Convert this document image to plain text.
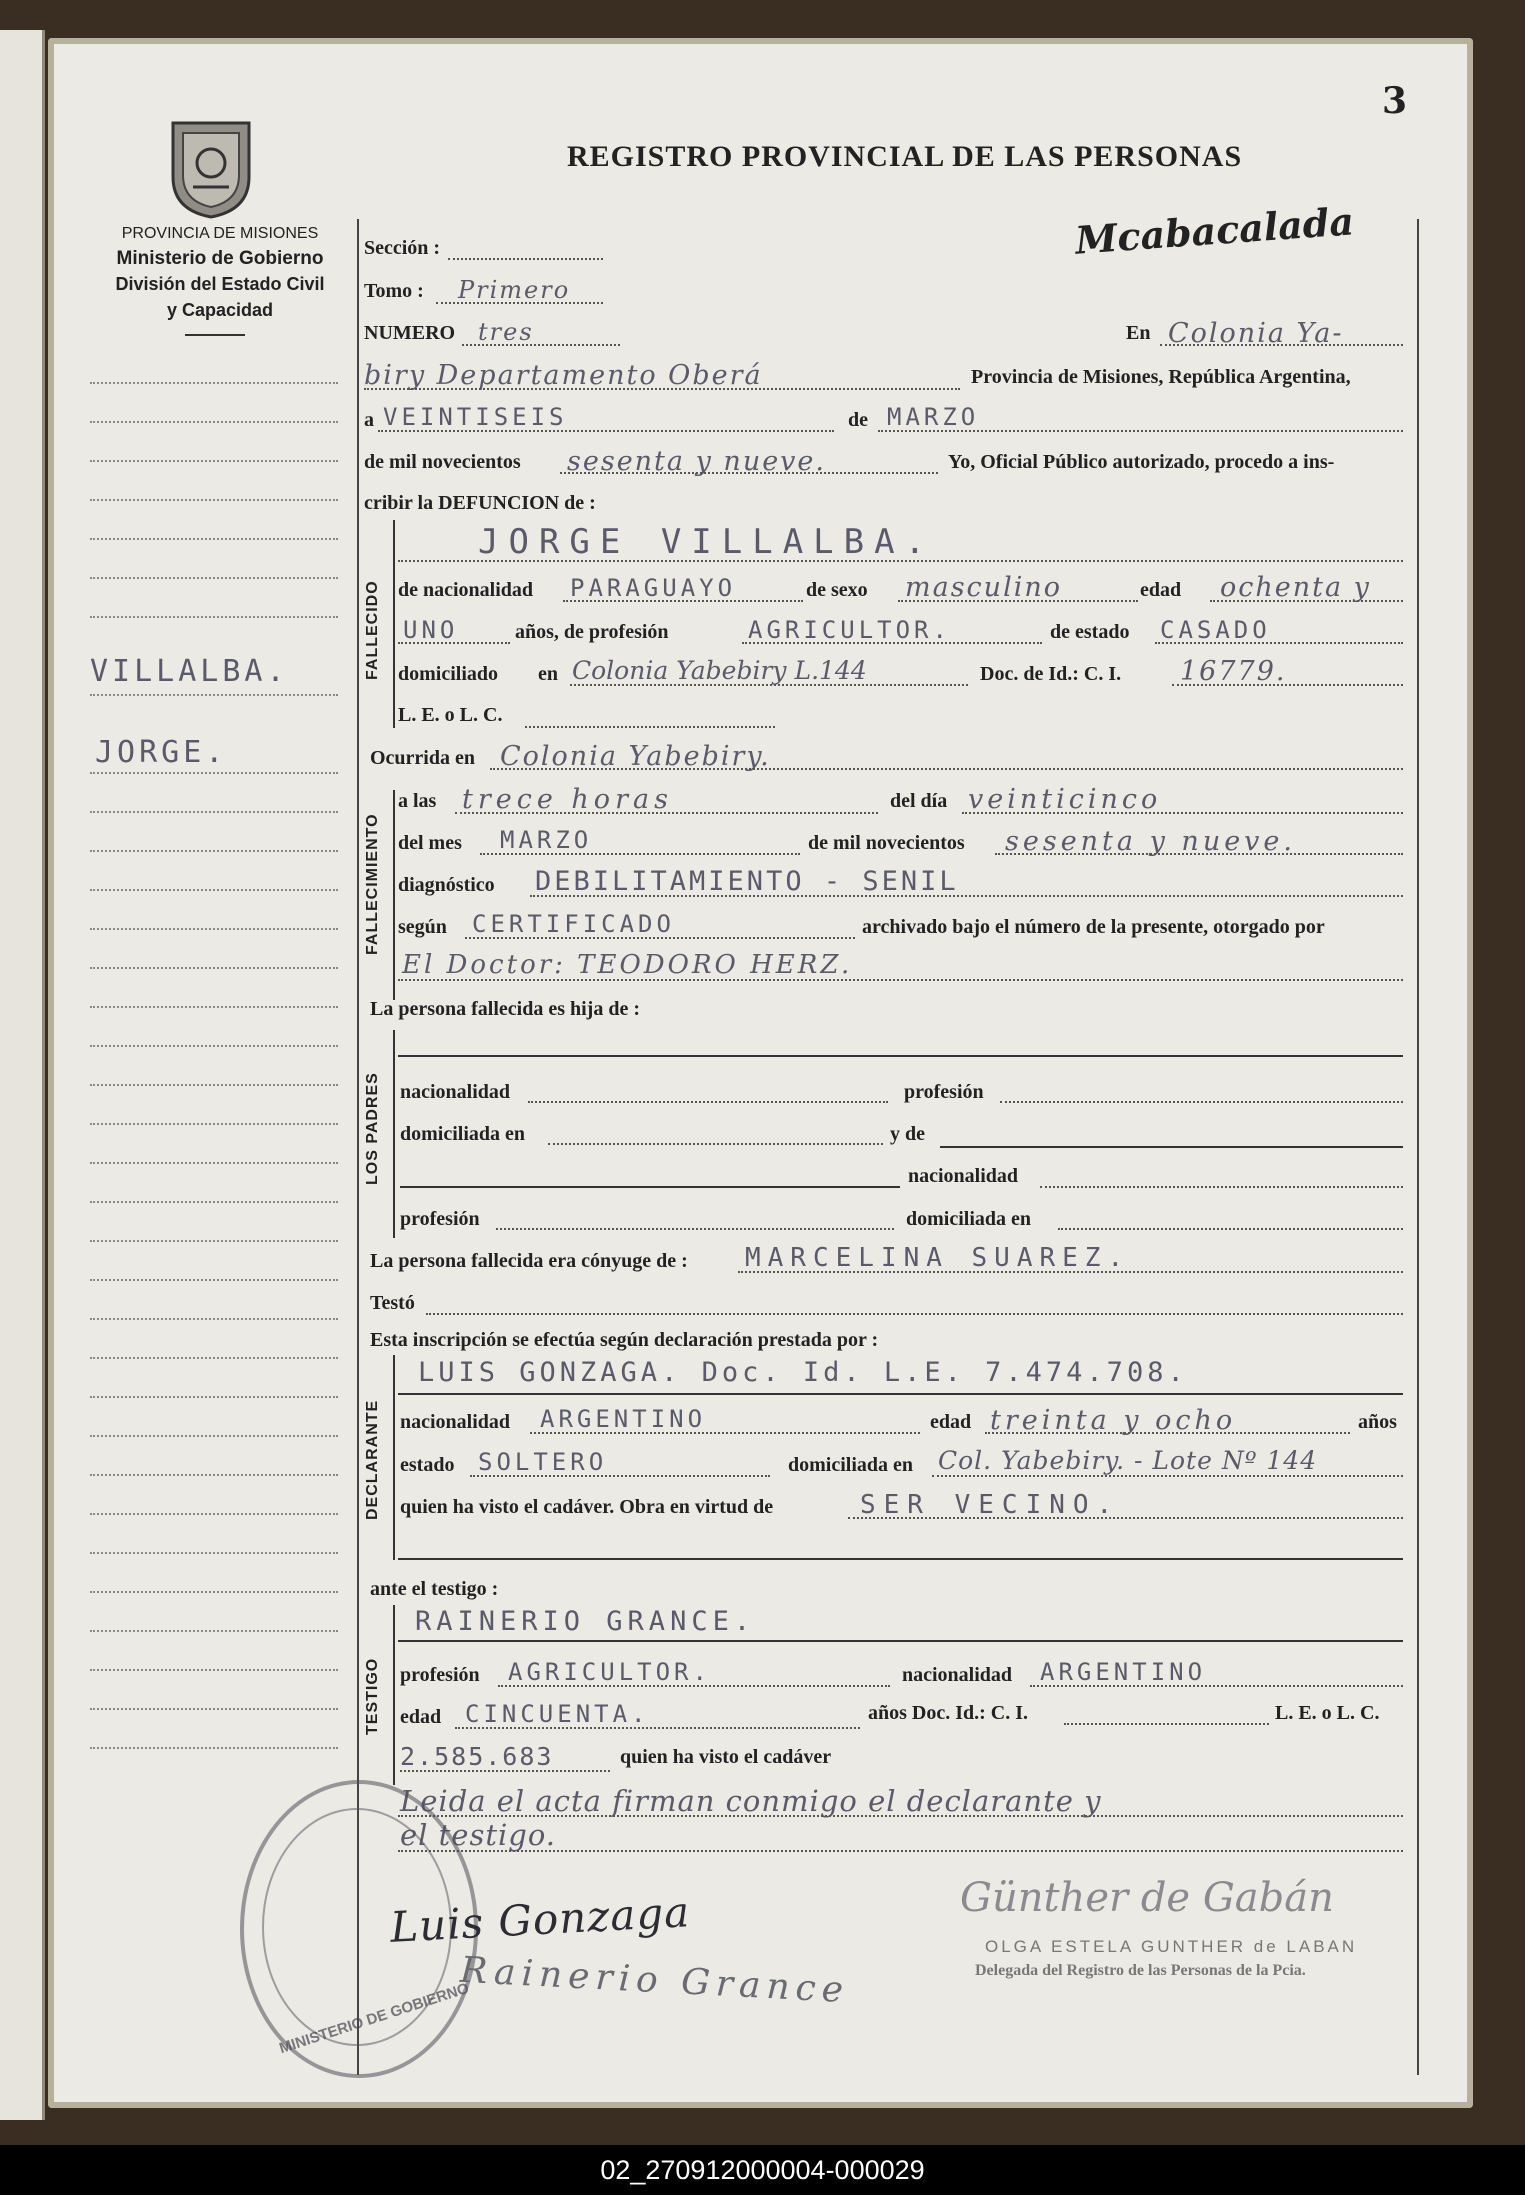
PROVINCIA DE MISIONES
Ministerio de Gobierno
División del Estado Civil
y Capacidad
REGISTRO PROVINCIAL DE LAS PERSONAS
3
Mcabacalada
VILLALBA.
JORGE.
Sección :
Tomo : Primero
NUMERO tres	En Colonia Ya-
biry Departamento Oberá	Provincia de Misiones, República Argentina,
a VEINTISEIS	de MARZO
de mil novecientos sesenta y nueve.	Yo, Oficial Público autorizado, procedo a ins-
cribir la DEFUNCION de :
FALLECIDO
JORGE VILLALBA.
de nacionalidad PARAGUAYO	de sexo masculino	edad ochenta y
UNO	años, de profesión	AGRICULTOR.	de estado CASADO
domiciliado en Colonia Yabebiry L.144	Doc. de Id.: C. I. 16779.
L. E. o L. C.
Ocurrida en Colonia Yabebiry.
FALLECIMIENTO
a las trece horas	del día veinticinco
del mes MARZO	de mil novecientos sesenta y nueve.
diagnóstico DEBILITAMIENTO - SENIL
según CERTIFICADO	archivado bajo el número de la presente, otorgado por
El Doctor: TEODORO HERZ.
La persona fallecida es hija de :
LOS PADRES nacionalidad	profesión
domiciliada en	y de
nacionalidad
profesión	domiciliada en
La persona fallecida era cónyuge de : MARCELINA SUAREZ.
Testó
Esta inscripción se efectúa según declaración prestada por :
DECLARANTE
LUIS GONZAGA. Doc. Id. L.E. 7.474.708.
nacionalidad ARGENTINO	edad treinta y ocho	años
estado SOLTERO	domiciliada en Col. Yabebiry. - Lote Nº 144
quien ha visto el cadáver. Obra en virtud de	SER VECINO.
ante el testigo :
TESTIGO
RAINERIO GRANCE.
profesión AGRICULTOR.	nacionalidad ARGENTINO
edad CINCUENTA.	años Doc. Id.: C. I.	L. E. o L. C.
2.585.683	quien ha visto el cadáver
Leida el acta firman conmigo el declarante y
el testigo.
MINISTERIO DE GOBIERNO
Luis Gonzaga
Rainerio Grance
Günther de Gabán
OLGA ESTELA GUNTHER de LABAN
Delegada del Registro de las Personas de la Pcia.
02_270912000004-000029
